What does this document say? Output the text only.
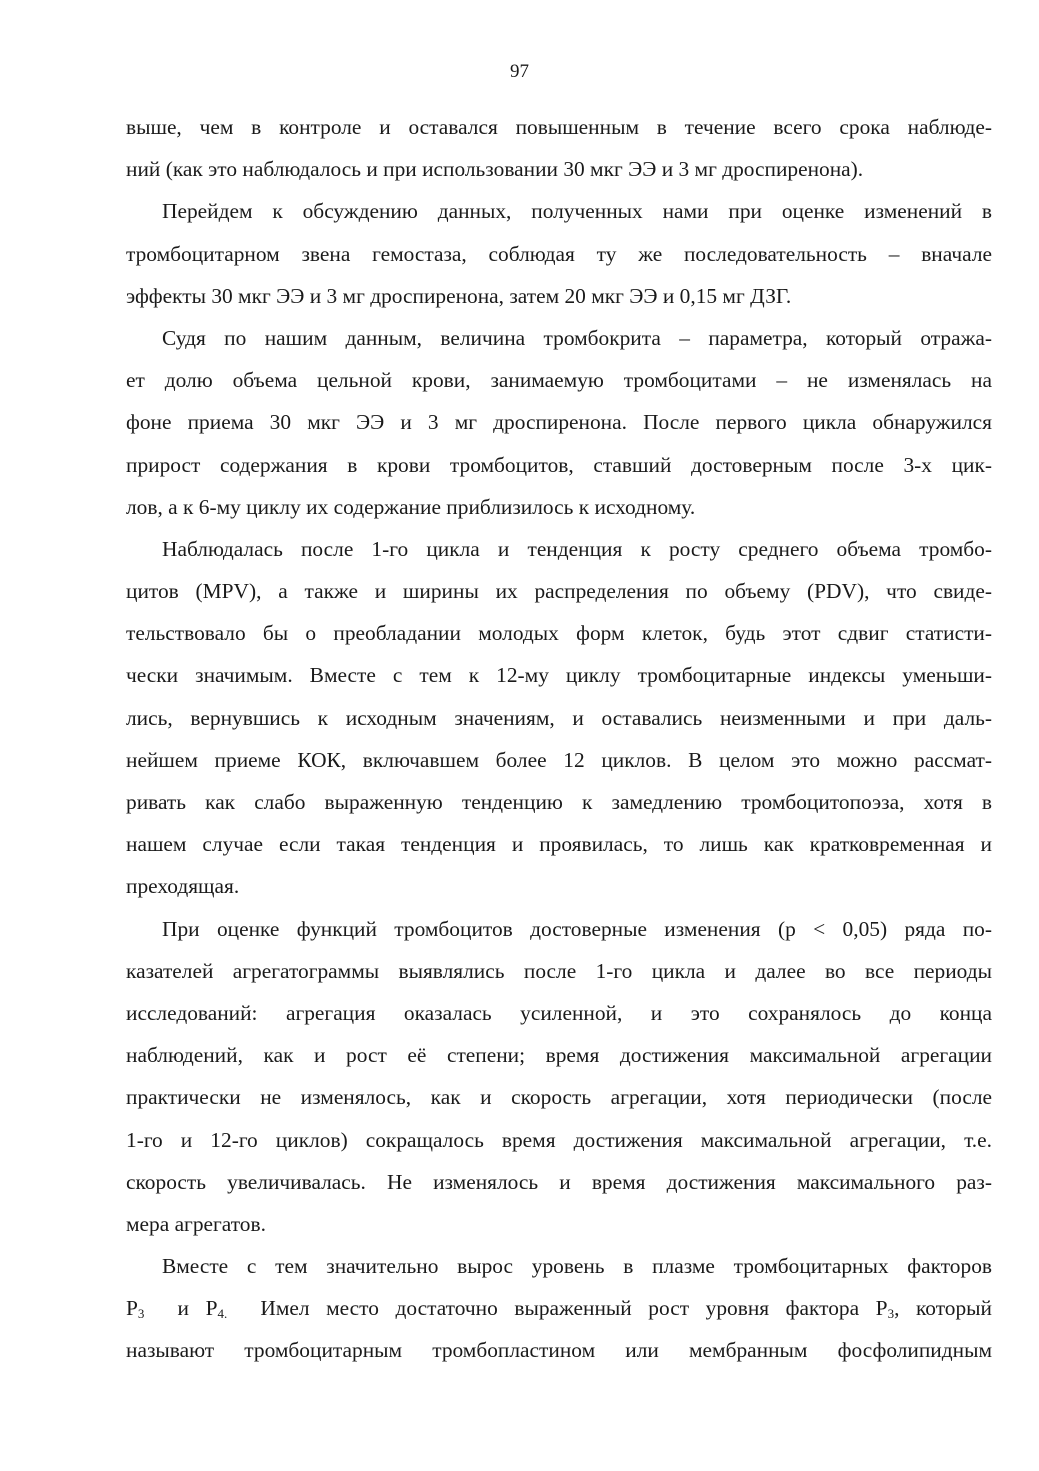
97
выше, чем в контроле и оставался повышенным в течение всего срока наблюде-
ний (как это наблюдалось и при использовании 30 мкг ЭЭ и 3 мг дроспиренона).
Перейдем к обсуждению данных, полученных нами при оценке изменений в
тромбоцитарном звена гемостаза, соблюдая ту же последовательность – вначале
эффекты 30 мкг ЭЭ и 3 мг дроспиренона, затем 20 мкг ЭЭ и 0,15 мг ДЗГ.
Судя по нашим данным, величина тромбокрита – параметра, который отража-
ет долю объема цельной крови, занимаемую тромбоцитами – не изменялась на
фоне приема 30 мкг ЭЭ и 3 мг дроспиренона. После первого цикла обнаружился
прирост содержания в крови тромбоцитов, ставший достоверным после 3-х цик-
лов, а к 6-му циклу их содержание приблизилось к исходному.
Наблюдалась после 1-го цикла и тенденция к росту среднего объема тромбо-
цитов (MPV), а также и ширины их распределения по объему (PDV), что свиде-
тельствовало бы о преобладании молодых форм клеток, будь этот сдвиг статисти-
чески значимым. Вместе с тем к 12-му циклу тромбоцитарные индексы уменьши-
лись, вернувшись к исходным значениям, и оставались неизменными и при даль-
нейшем приеме КОК, включавшем более 12 циклов. В целом это можно рассмат-
ривать как слабо выраженную тенденцию к замедлению тромбоцитопоэза, хотя в
нашем случае если такая тенденция и проявилась, то лишь как кратковременная и
преходящая.
При оценке функций тромбоцитов достоверные изменения (р < 0,05) ряда по-
казателей агрегатограммы выявлялись после 1-го цикла и далее во все периоды
исследований: агрегация оказалась усиленной, и это сохранялось до конца
наблюдений, как и рост её степени; время достижения максимальной агрегации
практически не изменялось, как и скорость агрегации, хотя периодически (после
1-го и 12-го циклов) сокращалось время достижения максимальной агрегации, т.е.
скорость увеличивалась. Не изменялось и время достижения максимального раз-
мера агрегатов.
Вместе с тем значительно вырос уровень в плазме тромбоцитарных факторов
$Р_3$  и $Р_{4.}$  Имел место достаточно выраженный рост уровня фактора $Р_3$, который
называют тромбоцитарным тромбопластином или мембранным фосфолипидным
